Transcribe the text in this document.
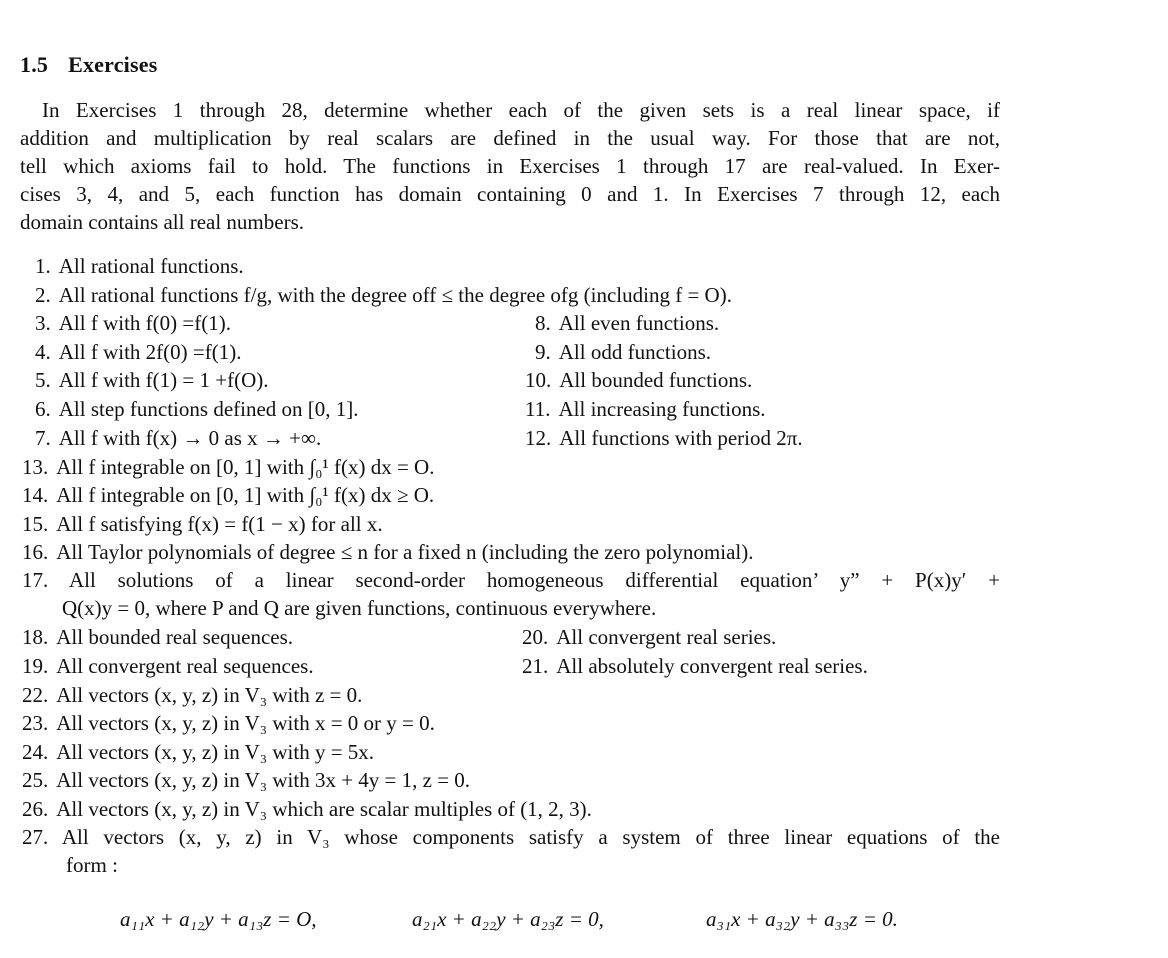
1.5 Exercises
In Exercises 1 through 28, determine whether each of the given sets is a real linear space, if
addition and multiplication by real scalars are defined in the usual way. For those that are not,
tell which axioms fail to hold. The functions in Exercises 1 through 17 are real-valued. In Exer-
cises 3, 4, and 5, each function has domain containing 0 and 1. In Exercises 7 through 12, each
domain contains all real numbers.
1. All rational functions.
2. All rational functions f/g, with the degree off ≤ the degree ofg (including f = O).
3. All f with f(0) =f(1).
4. All f with 2f(0) =f(1).
5. All f with f(1) = 1 +f(O).
6. All step functions defined on [0, 1].
7. All f with f(x) → 0 as x → +∞.
8. All even functions.
9. All odd functions.
10. All bounded functions.
11. All increasing functions.
12. All functions with period 2π.
13. All f integrable on [0, 1] with ∫₀¹ f(x) dx = O.
14. All f integrable on [0, 1] with ∫₀¹ f(x) dx ≥ O.
15. All f satisfying f(x) = f(1 − x) for all x.
16. All Taylor polynomials of degree ≤ n for a fixed n (including the zero polynomial).
17. All solutions of a linear second-order homogeneous differential equation’ y” + P(x)y′ +
Q(x)y = 0, where P and Q are given functions, continuous everywhere.
18. All bounded real sequences.
19. All convergent real sequences.
20. All convergent real series.
21. All absolutely convergent real series.
22. All vectors (x, y, z) in V₃ with z = 0.
23. All vectors (x, y, z) in V₃ with x = 0 or y = 0.
24. All vectors (x, y, z) in V₃ with y = 5x.
25. All vectors (x, y, z) in V₃ with 3x + 4y = 1, z = 0.
26. All vectors (x, y, z) in V₃ which are scalar multiples of (1, 2, 3).
27. All vectors (x, y, z) in V₃ whose components satisfy a system of three linear equations of the
form :
a₁₁x + a₁₂y + a₁₃z = O,	a₂₁x + a₂₂y + a₂₃z = 0,	a₃₁x + a₃₂y + a₃₃z = 0.
